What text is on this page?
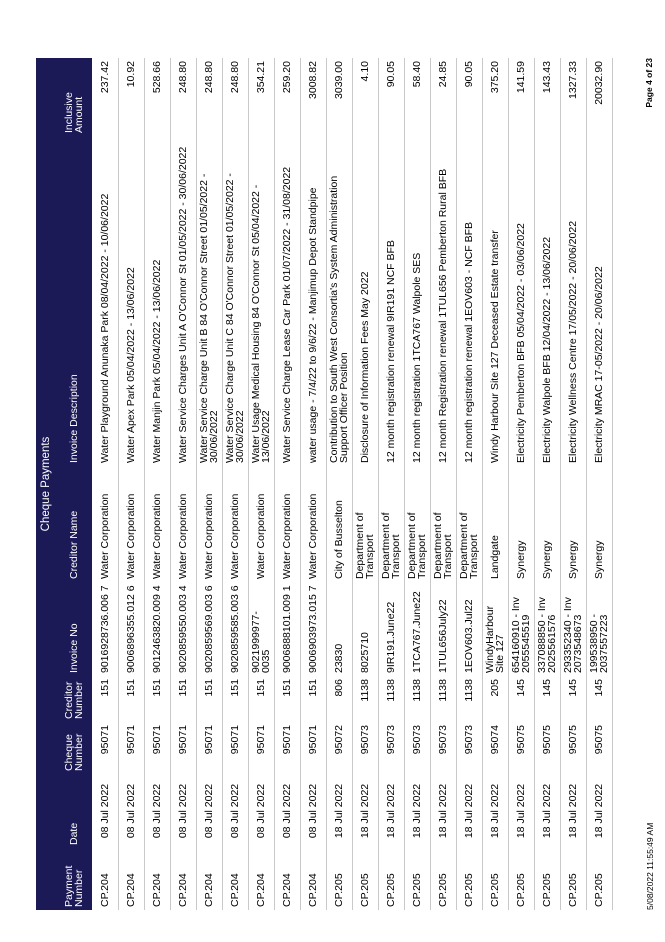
Cheque Payments							
Payment Number	Date	Cheque Number	Creditor Number	Invoice No	Creditor Name	Invoice Description	Inclusive Amount
CP.204	08 Jul 2022	95071	151	9016928736.006 7	Water Corporation	Water Playground Anunaka Park 08/04/2022 - 10/06/2022	237.42
CP.204	08 Jul 2022	95071	151	9006896355.012 6	Water Corporation	Water Apex Park 05/04/2022 - 13/06/2022	10.92
CP.204	08 Jul 2022	95071	151	9012463820.009 4	Water Corporation	Water Manjin Park 05/04/2022 - 13/06/2022	528.66
CP.204	08 Jul 2022	95071	151	9020859550.003 4	Water Corporation	Water Service Charges Unit A O'Connor St 01/05/2022 - 30/06/2022	248.80
CP.204	08 Jul 2022	95071	151	9020859569.003 6	Water Corporation	Water Service Charge Unit B 84 O'Connor Street 01/05/2022 - 30/06/2022	248.80
CP.204	08 Jul 2022	95071	151	9020859585.003 6	Water Corporation	Water Service Charge Unit C 84 O'Connor Street 01/05/2022 - 30/06/2022	248.80
CP.204	08 Jul 2022	95071	151	9021999977- 0035	Water Corporation	Water Usage Medical Housing 84 O'Connor St 05/04/2022 - 13/06/2022	354.21
CP.204	08 Jul 2022	95071	151	9006888101.009 1	Water Corporation	Water Service Charge Lease Car Park 01/07/2022 - 31/08/2022	259.20
CP.204	08 Jul 2022	95071	151	9006903973.015 7	Water Corporation	water usage - 7/4/22 to 9/6/22 - Manjimup Depot Standpipe	3008.82
CP.205	18 Jul 2022	95072	806	23830	City of Busselton	Contribution to South West Consortia's System Administration Support Officer Position	3039.00
CP.205	18 Jul 2022	95073	1138	8025710	Department of Transport	Disclosure of Information Fees May 2022	4.10
CP.205	18 Jul 2022	95073	1138	9IR191.June22	Department of Transport	12 month registration renewal 9IR191 NCF BFB	90.05
CP.205	18 Jul 2022	95073	1138	1TCA767.June22	Department of Transport	12 month registration 1TCA767 Walpole SES	58.40
CP.205	18 Jul 2022	95073	1138	1TUL656July22	Department of Transport	12 month Registration renewal 1TUL656 Pemberton Rural BFB	24.85
CP.205	18 Jul 2022	95073	1138	1EOV603.Jul22	Department of Transport	12 month registration renewal 1EOV603 - NCF BFB	90.05
CP.205	18 Jul 2022	95074	205	WindyHarbour Site 127	Landgate	Windy Harbour Site 127 Deceased Estate transfer	375.20
CP.205	18 Jul 2022	95075	145	654160910 - Inv 2055545519	Synergy	Electricity Pemberton BFB 05/04/2022 - 03/06/2022	141.59
CP.205	18 Jul 2022	95075	145	337088850 - Inv 2025561576	Synergy	Electricity Walpole BFB 12/04/2022 - 13/06/2022	143.43
CP.205	18 Jul 2022	95075	145	293352340 - Inv 2073548673	Synergy	Electricity Wellness Centre 17/05/2022 - 20/06/2022	1327.33
CP.205	18 Jul 2022	95075	145	199538950 - 2037557223	Synergy	Electricity MRAC 17-05/2022 - 20/06/2022	20032.90
5/08/2022 11:55:49 AM
Page 4 of 23
